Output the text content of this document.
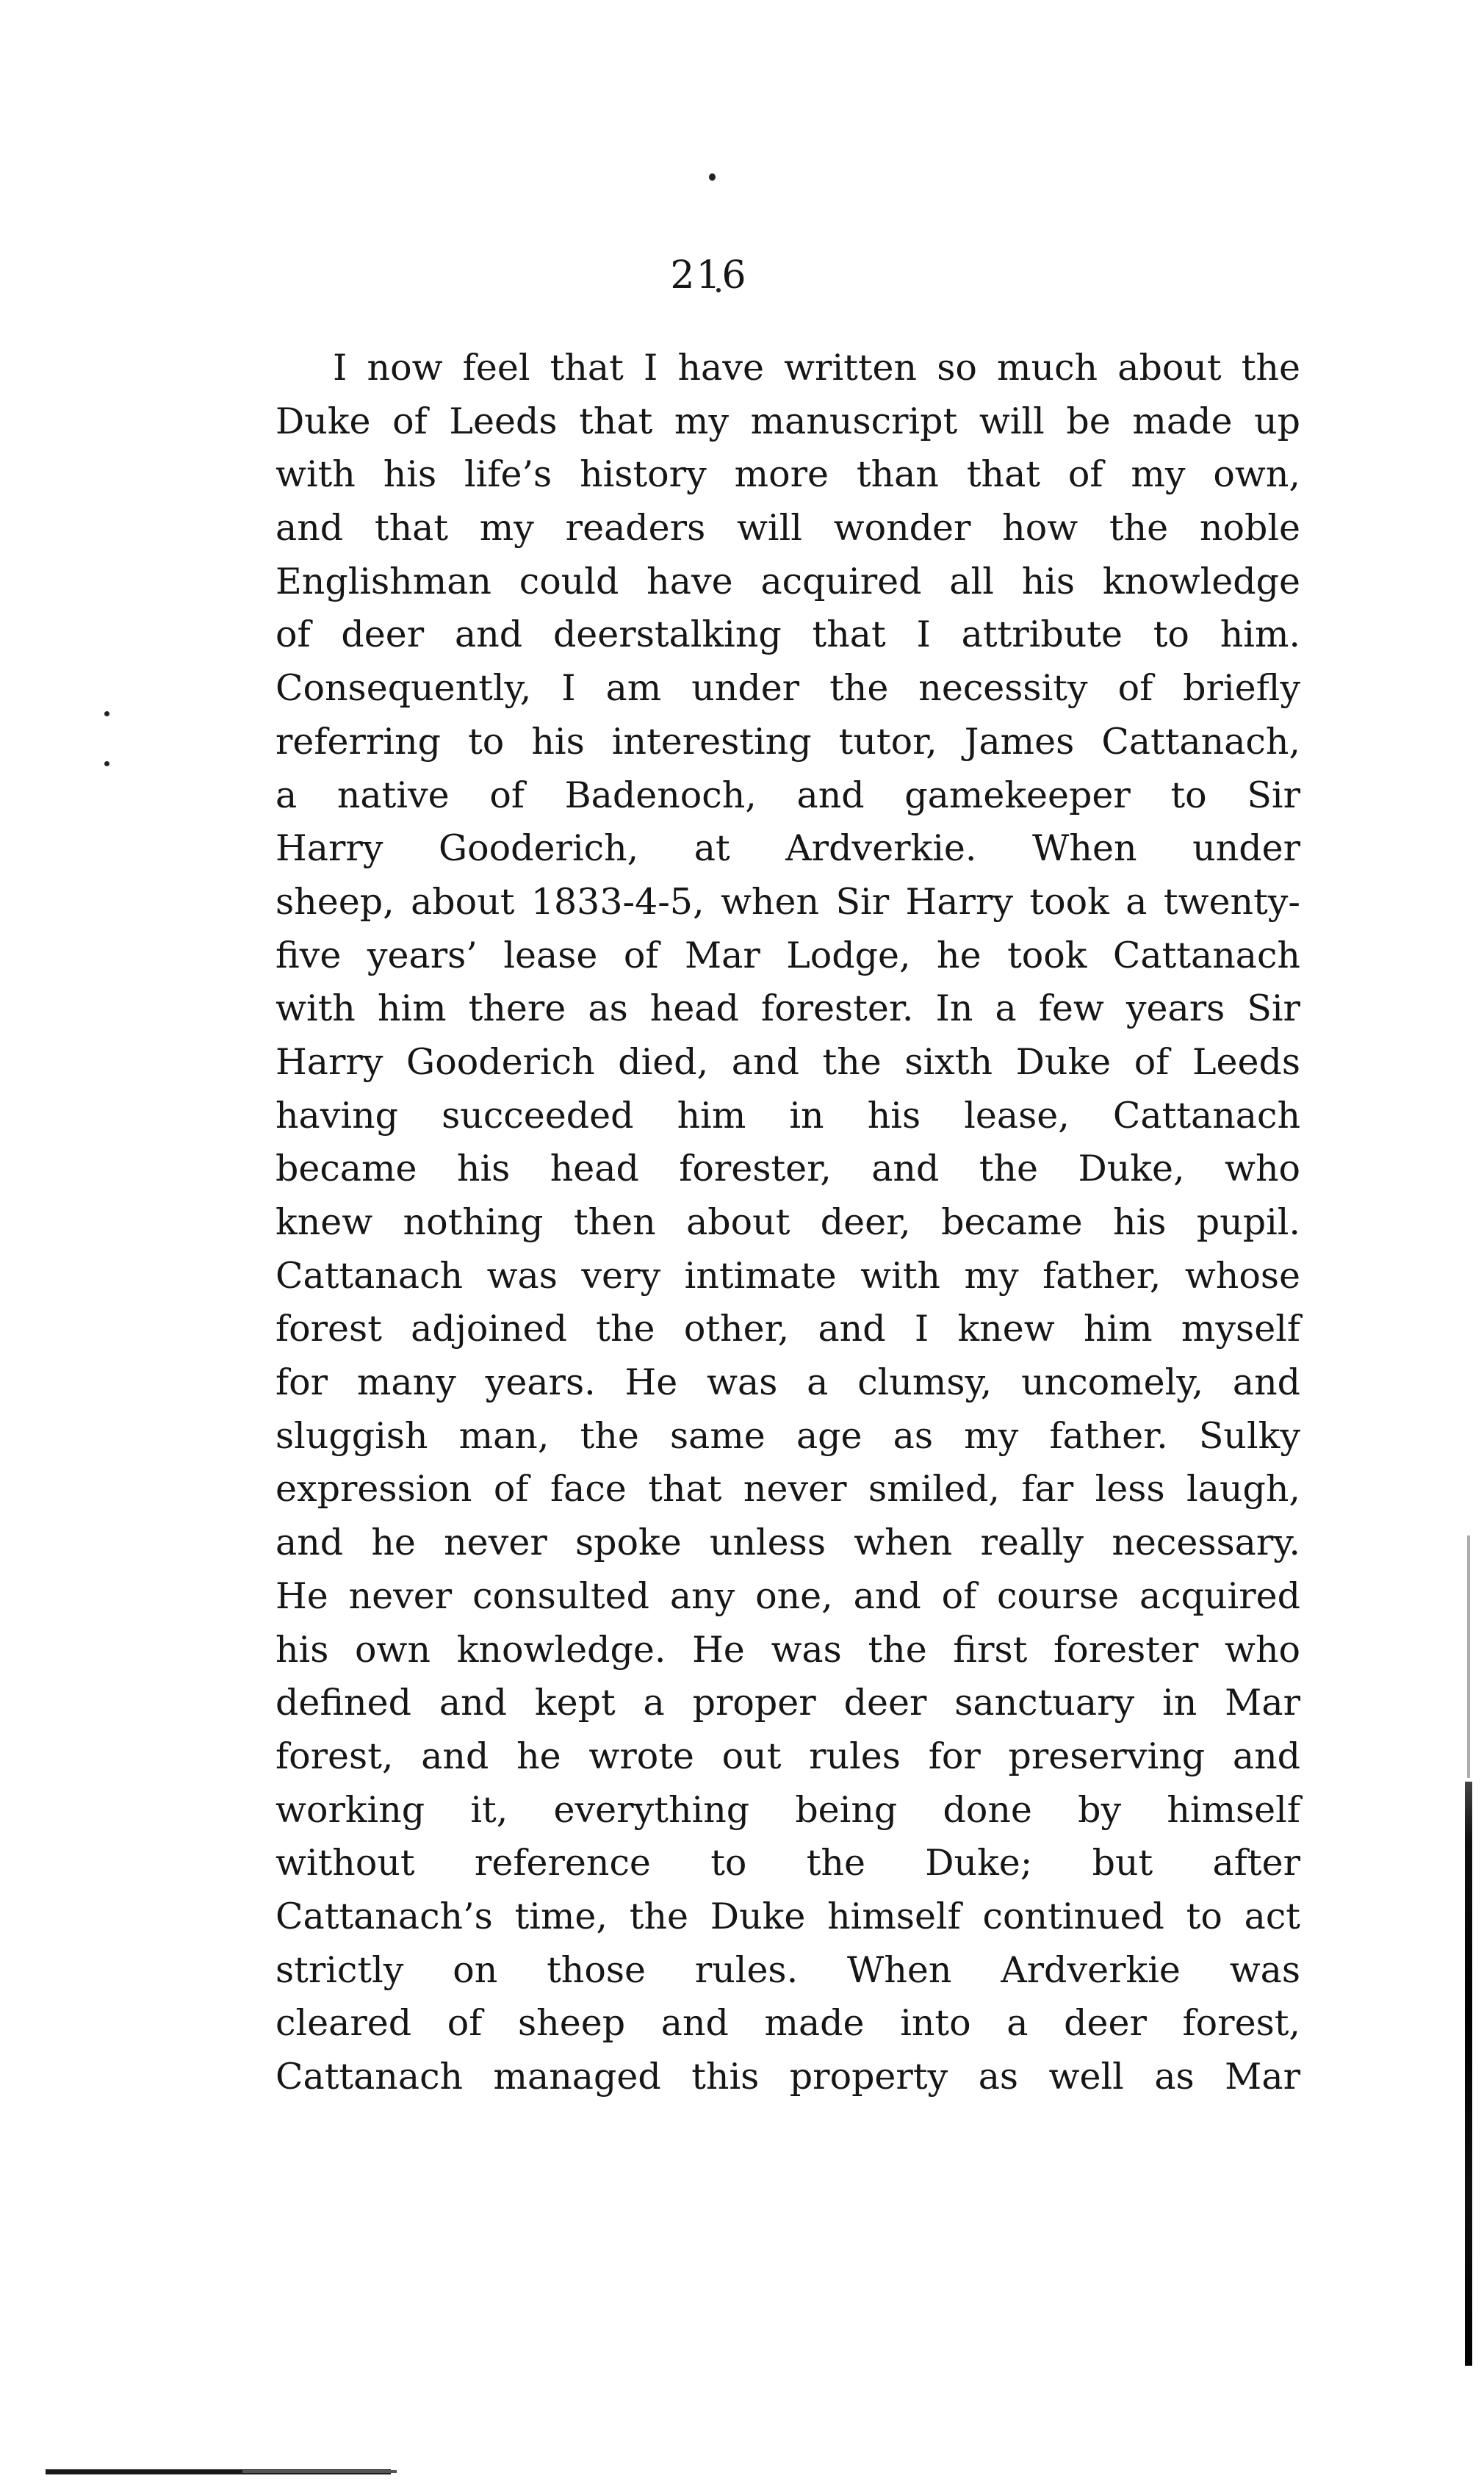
216
I now feel that I have written so much about the
Duke of Leeds that my manuscript will be made up
with his life’s history more than that of my own,
and that my readers will wonder how the noble
Englishman could have acquired all his knowledge
of deer and deerstalking that I attribute to him.
Consequently, I am under the necessity of briefly
referring to his interesting tutor, James Cattanach,
a native of Badenoch, and gamekeeper to Sir
Harry Gooderich, at Ardverkie. When under
sheep, about 1833-4-5, when Sir Harry took a twenty-
five years’ lease of Mar Lodge, he took Cattanach
with him there as head forester. In a few years Sir
Harry Gooderich died, and the sixth Duke of Leeds
having succeeded him in his lease, Cattanach
became his head forester, and the Duke, who
knew nothing then about deer, became his pupil.
Cattanach was very intimate with my father, whose
forest adjoined the other, and I knew him myself
for many years. He was a clumsy, uncomely, and
sluggish man, the same age as my father. Sulky
expression of face that never smiled, far less laugh,
and he never spoke unless when really necessary.
He never consulted any one, and of course acquired
his own knowledge. He was the first forester who
defined and kept a proper deer sanctuary in Mar
forest, and he wrote out rules for preserving and
working it, everything being done by himself
without reference to the Duke; but after
Cattanach’s time, the Duke himself continued to act
strictly on those rules. When Ardverkie was
cleared of sheep and made into a deer forest,
Cattanach managed this property as well as Mar
